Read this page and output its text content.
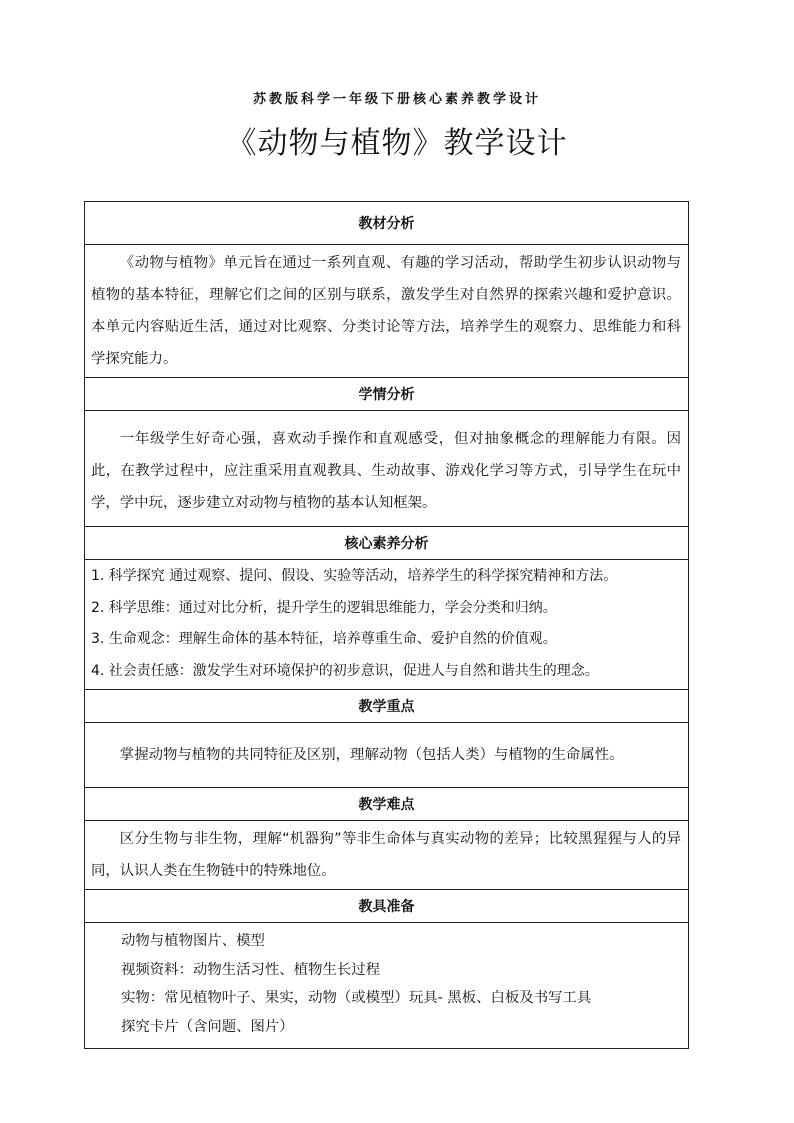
苏教版科学一年级下册核心素养教学设计
《动物与植物》教学设计
教材分析

《动物与植物》单元旨在通过一系列直观、有趣的学习活动，帮助学生初步认识动物与植物的基本特征，理解它们之间的区别与联系，激发学生对自然界的探索兴趣和爱护意识。本单元内容贴近生活，通过对比观察、分类讨论等方法，培养学生的观察力、思维能力和科学探究能力。

学情分析

一年级学生好奇心强，喜欢动手操作和直观感受，但对抽象概念的理解能力有限。因此，在教学过程中，应注重采用直观教具、生动故事、游戏化学习等方式，引导学生在玩中学，学中玩，逐步建立对动物与植物的基本认知框架。

核心素养分析

1. 科学探究 通过观察、提问、假设、实验等活动，培养学生的科学探究精神和方法。
2. 科学思维：通过对比分析，提升学生的逻辑思维能力，学会分类和归纳。
3. 生命观念：理解生命体的基本特征，培养尊重生命、爱护自然的价值观。
4. 社会责任感：激发学生对环境保护的初步意识，促进人与自然和谐共生的理念。

教学重点

掌握动物与植物的共同特征及区别，理解动物（包括人类）与植物的生命属性。

教学难点

区分生物与非生物，理解“机器狗”等非生命体与真实动物的差异；比较黑猩猩与人的异同，认识人类在生物链中的特殊地位。

教具准备

动物与植物图片、模型
视频资料：动物生活习性、植物生长过程
实物：常见植物叶子、果实，动物（或模型）玩具- 黑板、白板及书写工具
探究卡片（含问题、图片）
